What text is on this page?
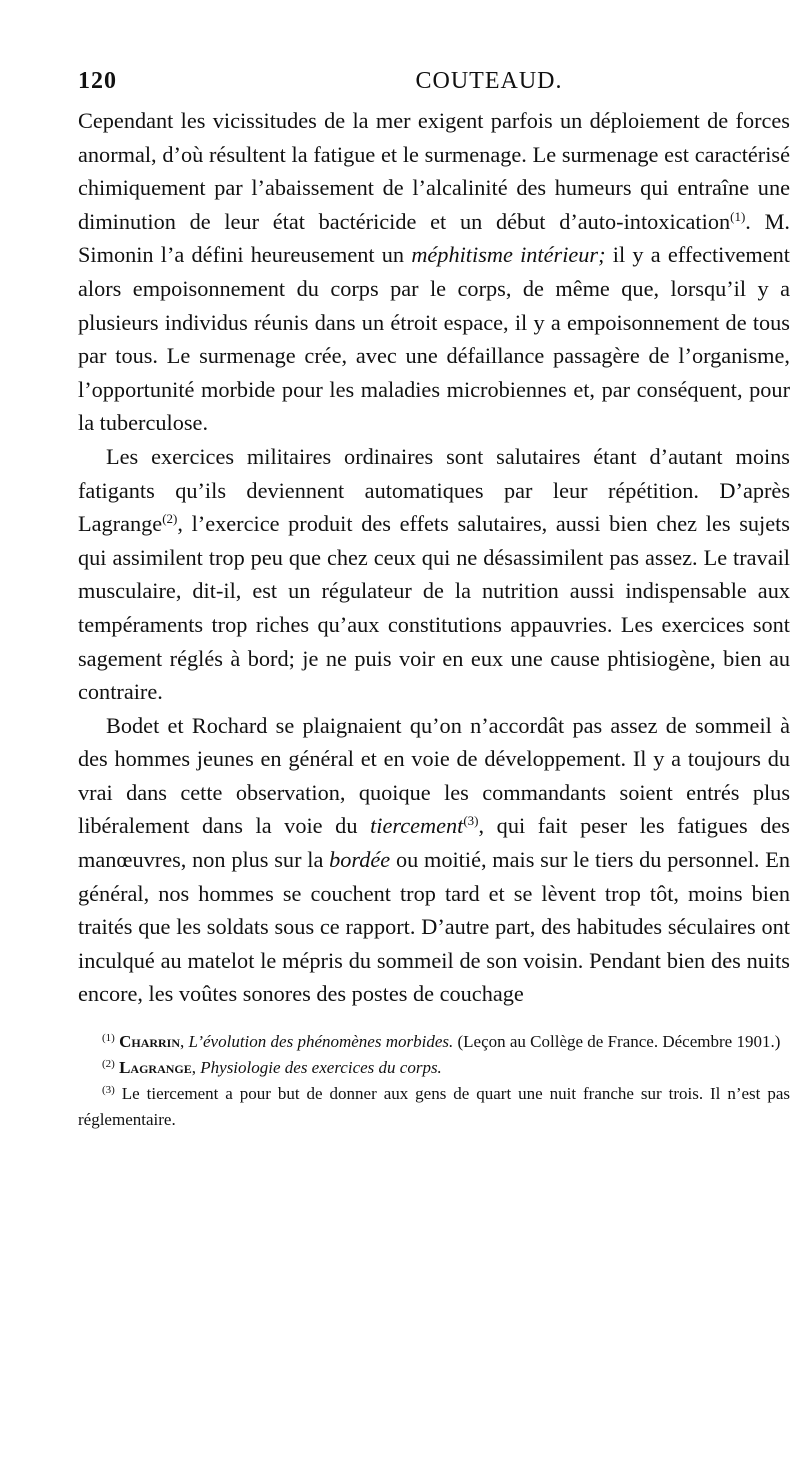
120	COUTEAUD.

Cependant les vicissitudes de la mer exigent parfois un déploiement de forces anormal, d’où résultent la fatigue et le surmenage. Le surmenage est caractérisé chimiquement par l’abaissement de l’alcalinité des humeurs qui entraîne une diminution de leur état bactéricide et un début d’auto-intoxication$^{(1)}$. M. Simonin l’a défini heureusement un méphitisme intérieur; il y a effectivement alors empoisonnement du corps par le corps, de même que, lorsqu’il y a plusieurs individus réunis dans un étroit espace, il y a empoisonnement de tous par tous. Le surmenage crée, avec une défaillance passagère de l’organisme, l’opportunité morbide pour les maladies microbiennes et, par conséquent, pour la tuberculose.

Les exercices militaires ordinaires sont salutaires étant d’autant moins fatigants qu’ils deviennent automatiques par leur répétition. D’après Lagrange$^{(2)}$, l’exercice produit des effets salutaires, aussi bien chez les sujets qui assimilent trop peu que chez ceux qui ne désassimilent pas assez. Le travail musculaire, dit-il, est un régulateur de la nutrition aussi indispensable aux tempéraments trop riches qu’aux constitutions appauvries. Les exercices sont sagement réglés à bord; je ne puis voir en eux une cause phtisiogène, bien au contraire.

Bodet et Rochard se plaignaient qu’on n’accordât pas assez de sommeil à des hommes jeunes en général et en voie de développement. Il y a toujours du vrai dans cette observation, quoique les commandants soient entrés plus libéralement dans la voie du tiercement$^{(3)}$, qui fait peser les fatigues des manœuvres, non plus sur la bordée ou moitié, mais sur le tiers du personnel. En général, nos hommes se couchent trop tard et se lèvent trop tôt, moins bien traités que les soldats sous ce rapport. D’autre part, des habitudes séculaires ont inculqué au matelot le mépris du sommeil de son voisin. Pendant bien des nuits encore, les voûtes sonores des postes de couchage

$^{(1)}$ Charrin, L’évolution des phénomènes morbides. (Leçon au Collège de France. Décembre 1901.)

$^{(2)}$ Lagrange, Physiologie des exercices du corps.

$^{(3)}$ Le tiercement a pour but de donner aux gens de quart une nuit franche sur trois. Il n’est pas réglementaire.
